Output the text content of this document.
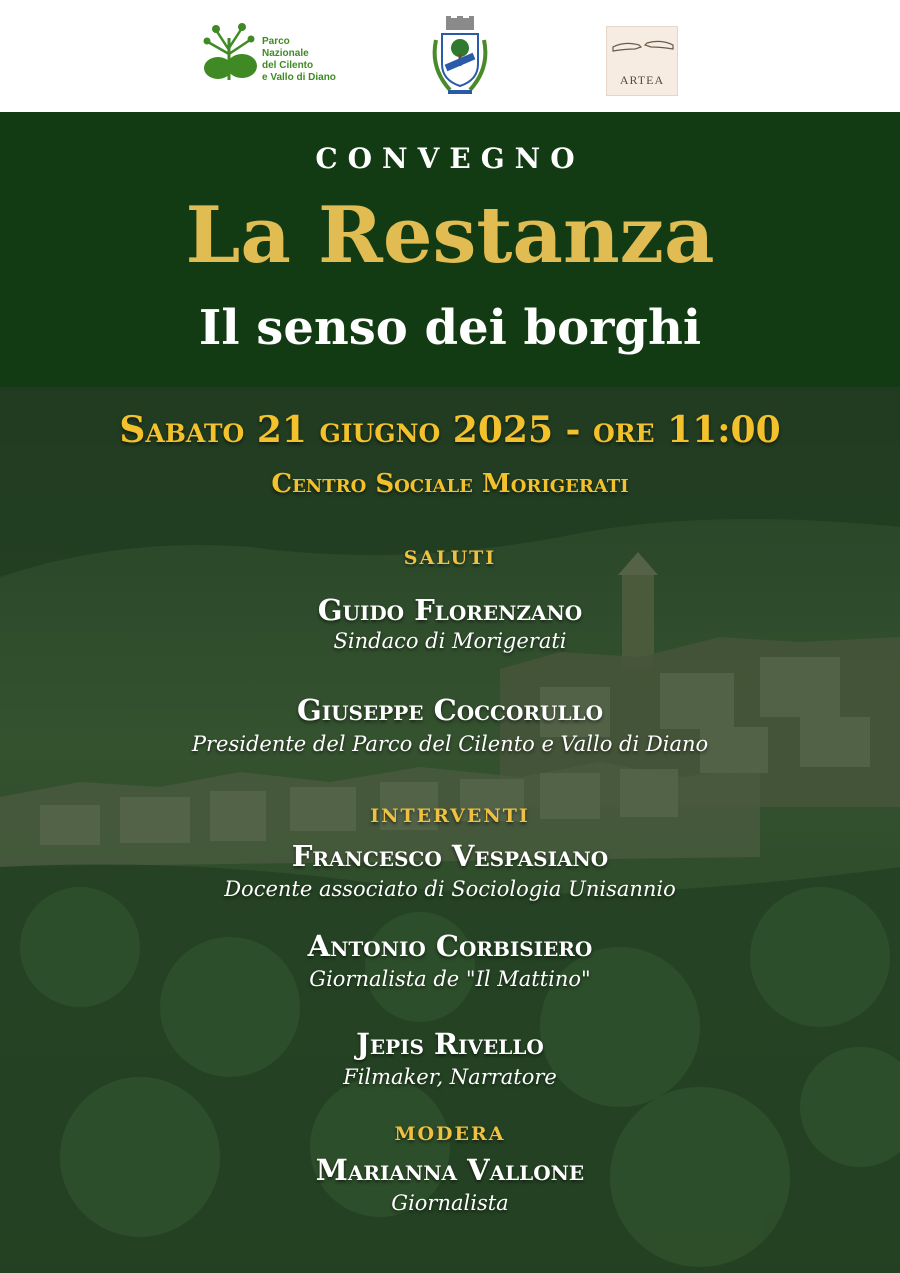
Parco Nazionale
del Cilento
e Vallo di Diano	ARTEA
CONVEGNO
La Restanza
Il senso dei borghi
Sabato 21 giugno 2025 - ore 11:00
Centro Sociale Morigerati
SALUTI
Guido Florenzano
Sindaco di Morigerati
Giuseppe Coccorullo
Presidente del Parco del Cilento e Vallo di Diano
INTERVENTI
Francesco Vespasiano
Docente associato di Sociologia Unisannio
Antonio Corbisiero
Giornalista de "Il Mattino"
Jepis Rivello
Filmaker, Narratore
MODERA
Marianna Vallone
Giornalista
